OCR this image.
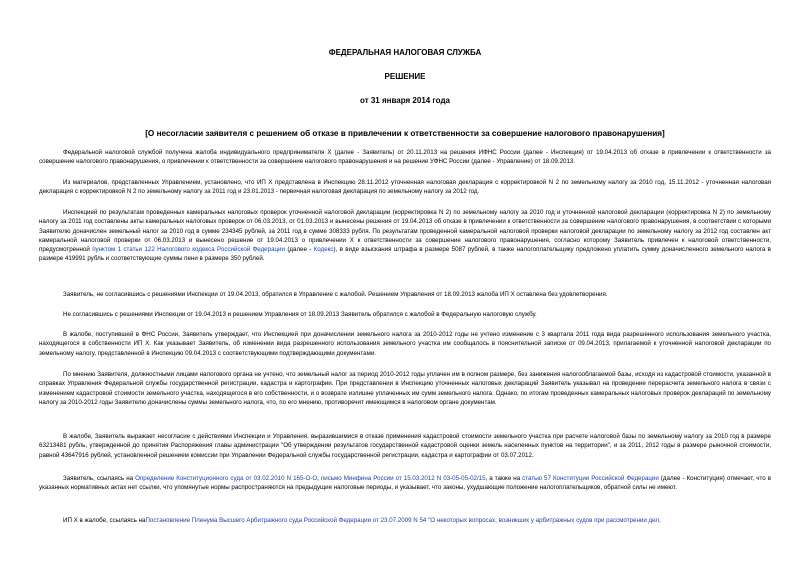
ФЕДЕРАЛЬНАЯ НАЛОГОВАЯ СЛУЖБА

РЕШЕНИЕ

от 31 января 2014 года

[О несогласии заявителя с решением об отказе в привлечении к ответственности за совершение налогового правонарушения]

Федеральной налоговой службой получена жалоба индивидуального предпринимателя Х (далее - Заявитель) от 20.11.2013 на решения ИФНС России (далее - Инспекция) от 19.04.2013 об отказе в привлечении к ответственности за совершение налогового правонарушения, о привлечении к ответственности за совершение налогового правонарушения и на решение УФНС России (далее - Управление) от 18.09.2013.

Из материалов, представленных Управлением, установлено, что ИП Х представлена в Инспекцию 28.11.2012 уточненная налоговая декларация с корректировкой N 2 по земельному налогу за 2010 год, 15.11.2012 - уточненная налоговая декларация с корректировкой N 2 по земельному налогу за 2011 год и 23.01.2013 - первичная налоговая декларация по земельному налогу за 2012 год.

Инспекцией по результатам проведенных камеральных налоговых проверок уточненной налоговой декларации (корректировка N 2) по земельному налогу за 2010 год и уточненной налоговой декларации (корректировка N 2) по земельному налогу за 2011 год составлены акты камеральных налоговых проверок от 06.03.2013, от 01.03.2013 и вынесены решения от 19.04.2013 об отказе в привлечении к ответственности за совершение налогового правонарушения, в соответствии с которыми Заявителю доначислен земельный налог за 2010 год в сумме 234345 рублей, за 2011 год в сумме 308333 рубля. По результатам проведенной камеральной налоговой проверки налоговой декларации по земельному налогу за 2012 год составлен акт камеральной налоговой проверки от 06.03.2013 и вынесено решение от 19.04.2013 о привлечении Х к ответственности за совершение налогового правонарушения, согласно которому Заявитель привлечен к налоговой ответственности, предусмотренной пунктом 1 статьи 122 Налогового кодекса Российской Федерации (далее - Кодекс), в виде взыскания штрафа в размере 5087 рублей, в также налогоплательщику предложено уплатить сумму доначисленного земельного налога в размере 419991 рубль и соответствующие суммы пени в размере 350 рублей.

Заявитель, не согласившись с решениями Инспекции от 19.04.2013, обратился в Управление с жалобой. Решением Управления от 18.09.2013 жалоба ИП Х оставлена без удовлетворения.

Не согласившись с решениями Инспекции от 19.04.2013 и решением Управления от 18.09.2013 Заявитель обратился с жалобой в Федеральную налоговую службу.

В жалобе, поступившей в ФНС России, Заявитель утверждает, что Инспекцией при доначислении земельного налога за 2010-2012 годы не учтено изменение с 3 квартала 2011 года вида разрешенного использования земельного участка, находящегося в собственности ИП Х. Как указывает Заявитель, об изменении вида разрешенного использования земельного участка им сообщалось в пояснительной записке от 09.04.2013, прилагаемой к уточненной налоговой декларации по земельному налогу, представленной в Инспекцию 09.04.2013 с соответствующими подтверждающими документами.

По мнению Заявителя, должностными лицами налогового органа не учтено, что земельный налог за период 2010-2012 годы уплачен им в полном размере, без занижения налогооблагаемой базы, исходя из кадастровой стоимости, указанной в справках Управления Федеральной службы государственной регистрации, кадастра и картографии. При представлении в Инспекцию уточненных налоговых деклараций Заявитель указывал на проведение перерасчета земельного налога в связи с изменением кадастровой стоимости земельного участка, находящегося в его собственности, и о возврате излишне уплаченных им сумм земельного налога. Однако, по итогам проведенных камеральных налоговых проверок деклараций по земельному налогу за 2010-2012 годы Заявителю доначислены суммы земельного налога, что, по его мнению, противоречит имеющимся в налоговом органе документам.

В жалобе, Заявитель выражает несогласие с действиями Инспекции и Управления, выразившимися в отказе применения кадастровой стоимости земельного участка при расчете налоговой базы по земельному налогу за 2010 год в размере 63213481 рубль, утвержденной до принятия Распоряжения главы администрации "Об утверждении результатов государственной кадастровой оценки земель населенных пунктов на территории", и за 2011, 2012 годы в размере рыночной стоимости, равной 43647916 рублей, установленной решением комиссии при Управлении Федеральной службы государственной регистрации, кадастра и картографии от 03.07.2012.

Заявитель, ссылаясь на Определение Конституционного суда от 03.02.2010 N 165-О-О, письмо Минфина России от 15.03.2012 N 03-05-05-02/15, а также на статью 57 Конституции Российской Федерации (далее - Конституция) отмечает, что в указанных нормативных актах нет ссылки, что упомянутые нормы распространяются на предыдущие налоговые периоды, и указывает, что законы, ухудшающие положение налогоплательщиков, обратной силы не имеют.

ИП Х в жалобе, ссылаясь наПостановление Пленума Высшего Арбитражного суда Российской Федерации от 23.07.2009 N 54 "О некоторых вопросах, возникших у арбитражных судов при рассмотрении дел,
